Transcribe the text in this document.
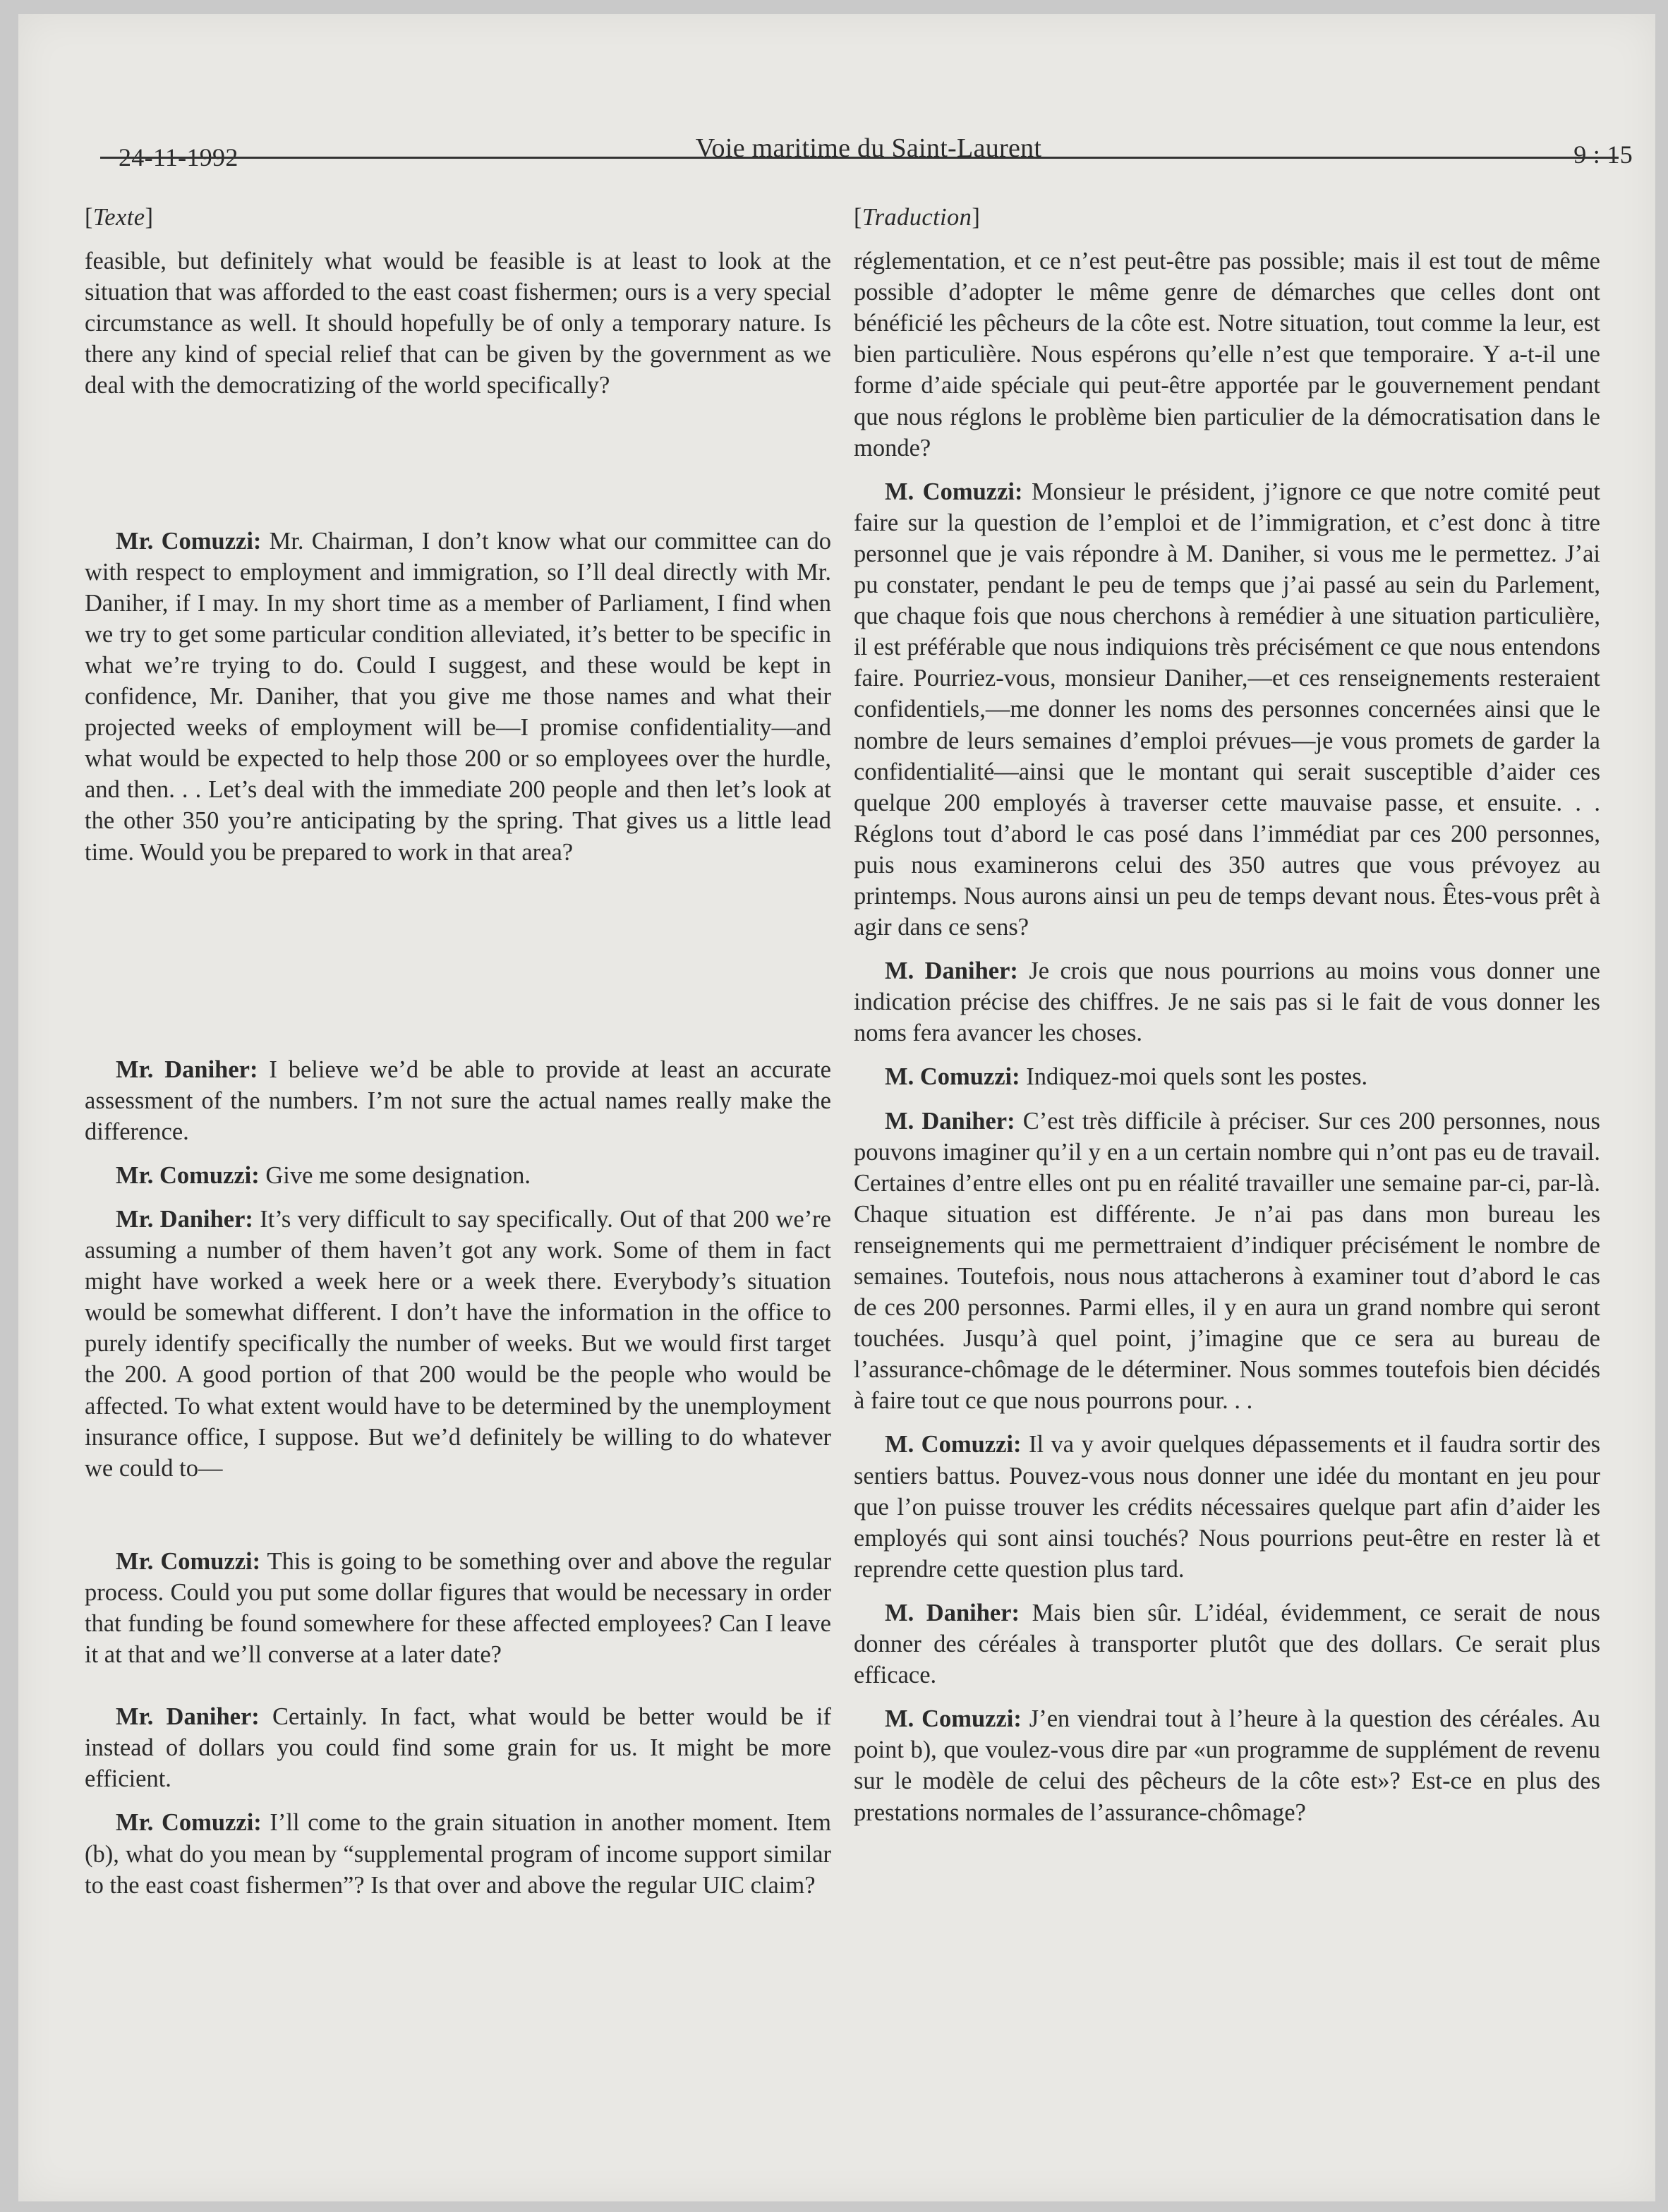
24-11-1992	Voie maritime du Saint-Laurent	9 : 15
[Texte]

feasible, but definitely what would be feasible is at least to look at the situation that was afforded to the east coast fishermen; ours is a very special circumstance as well. It should hopefully be of only a temporary nature. Is there any kind of special relief that can be given by the government as we deal with the democratizing of the world specifically?

Mr. Comuzzi: Mr. Chairman, I don’t know what our committee can do with respect to employment and immigration, so I’ll deal directly with Mr. Daniher, if I may. In my short time as a member of Parliament, I find when we try to get some particular condition alleviated, it’s better to be specific in what we’re trying to do. Could I suggest, and these would be kept in confidence, Mr. Daniher, that you give me those names and what their projected weeks of employment will be—I promise confidentiality—and what would be expected to help those 200 or so employees over the hurdle, and then. . . Let’s deal with the immediate 200 people and then let’s look at the other 350 you’re anticipating by the spring. That gives us a little lead time. Would you be prepared to work in that area?

Mr. Daniher: I believe we’d be able to provide at least an accurate assessment of the numbers. I’m not sure the actual names really make the difference.

Mr. Comuzzi: Give me some designation.

Mr. Daniher: It’s very difficult to say specifically. Out of that 200 we’re assuming a number of them haven’t got any work. Some of them in fact might have worked a week here or a week there. Everybody’s situation would be somewhat different. I don’t have the information in the office to purely identify specifically the number of weeks. But we would first target the 200. A good portion of that 200 would be the people who would be affected. To what extent would have to be determined by the unemployment insurance office, I suppose. But we’d definitely be willing to do whatever we could to—

Mr. Comuzzi: This is going to be something over and above the regular process. Could you put some dollar figures that would be necessary in order that funding be found somewhere for these affected employees? Can I leave it at that and we’ll converse at a later date?

Mr. Daniher: Certainly. In fact, what would be better would be if instead of dollars you could find some grain for us. It might be more efficient.

Mr. Comuzzi: I’ll come to the grain situation in another moment. Item (b), what do you mean by “supplemental program of income support similar to the east coast fishermen”? Is that over and above the regular UIC claim?

[Traduction]

réglementation, et ce n’est peut-être pas possible; mais il est tout de même possible d’adopter le même genre de démarches que celles dont ont bénéficié les pêcheurs de la côte est. Notre situation, tout comme la leur, est bien particulière. Nous espérons qu’elle n’est que temporaire. Y a-t-il une forme d’aide spéciale qui peut-être apportée par le gouvernement pendant que nous réglons le problème bien particulier de la démocratisation dans le monde?

M. Comuzzi: Monsieur le président, j’ignore ce que notre comité peut faire sur la question de l’emploi et de l’immigration, et c’est donc à titre personnel que je vais répondre à M. Daniher, si vous me le permettez. J’ai pu constater, pendant le peu de temps que j’ai passé au sein du Parlement, que chaque fois que nous cherchons à remédier à une situation particulière, il est préférable que nous indiquions très précisément ce que nous entendons faire. Pourriez-vous, monsieur Daniher,—et ces renseignements resteraient confidentiels,—me donner les noms des personnes concernées ainsi que le nombre de leurs semaines d’emploi prévues—je vous promets de garder la confidentialité—ainsi que le montant qui serait susceptible d’aider ces quelque 200 employés à traverser cette mauvaise passe, et ensuite. . . Réglons tout d’abord le cas posé dans l’immédiat par ces 200 personnes, puis nous examinerons celui des 350 autres que vous prévoyez au printemps. Nous aurons ainsi un peu de temps devant nous. Êtes-vous prêt à agir dans ce sens?

M. Daniher: Je crois que nous pourrions au moins vous donner une indication précise des chiffres. Je ne sais pas si le fait de vous donner les noms fera avancer les choses.

M. Comuzzi: Indiquez-moi quels sont les postes.

M. Daniher: C’est très difficile à préciser. Sur ces 200 personnes, nous pouvons imaginer qu’il y en a un certain nombre qui n’ont pas eu de travail. Certaines d’entre elles ont pu en réalité travailler une semaine par-ci, par-là. Chaque situation est différente. Je n’ai pas dans mon bureau les renseignements qui me permettraient d’indiquer précisément le nombre de semaines. Toutefois, nous nous attacherons à examiner tout d’abord le cas de ces 200 personnes. Parmi elles, il y en aura un grand nombre qui seront touchées. Jusqu’à quel point, j’imagine que ce sera au bureau de l’assurance-chômage de le déterminer. Nous sommes toutefois bien décidés à faire tout ce que nous pourrons pour. . .

M. Comuzzi: Il va y avoir quelques dépassements et il faudra sortir des sentiers battus. Pouvez-vous nous donner une idée du montant en jeu pour que l’on puisse trouver les crédits nécessaires quelque part afin d’aider les employés qui sont ainsi touchés? Nous pourrions peut-être en rester là et reprendre cette question plus tard.

M. Daniher: Mais bien sûr. L’idéal, évidemment, ce serait de nous donner des céréales à transporter plutôt que des dollars. Ce serait plus efficace.

M. Comuzzi: J’en viendrai tout à l’heure à la question des céréales. Au point b), que voulez-vous dire par «un programme de supplément de revenu sur le modèle de celui des pêcheurs de la côte est»? Est-ce en plus des prestations normales de l’assurance-chômage?
